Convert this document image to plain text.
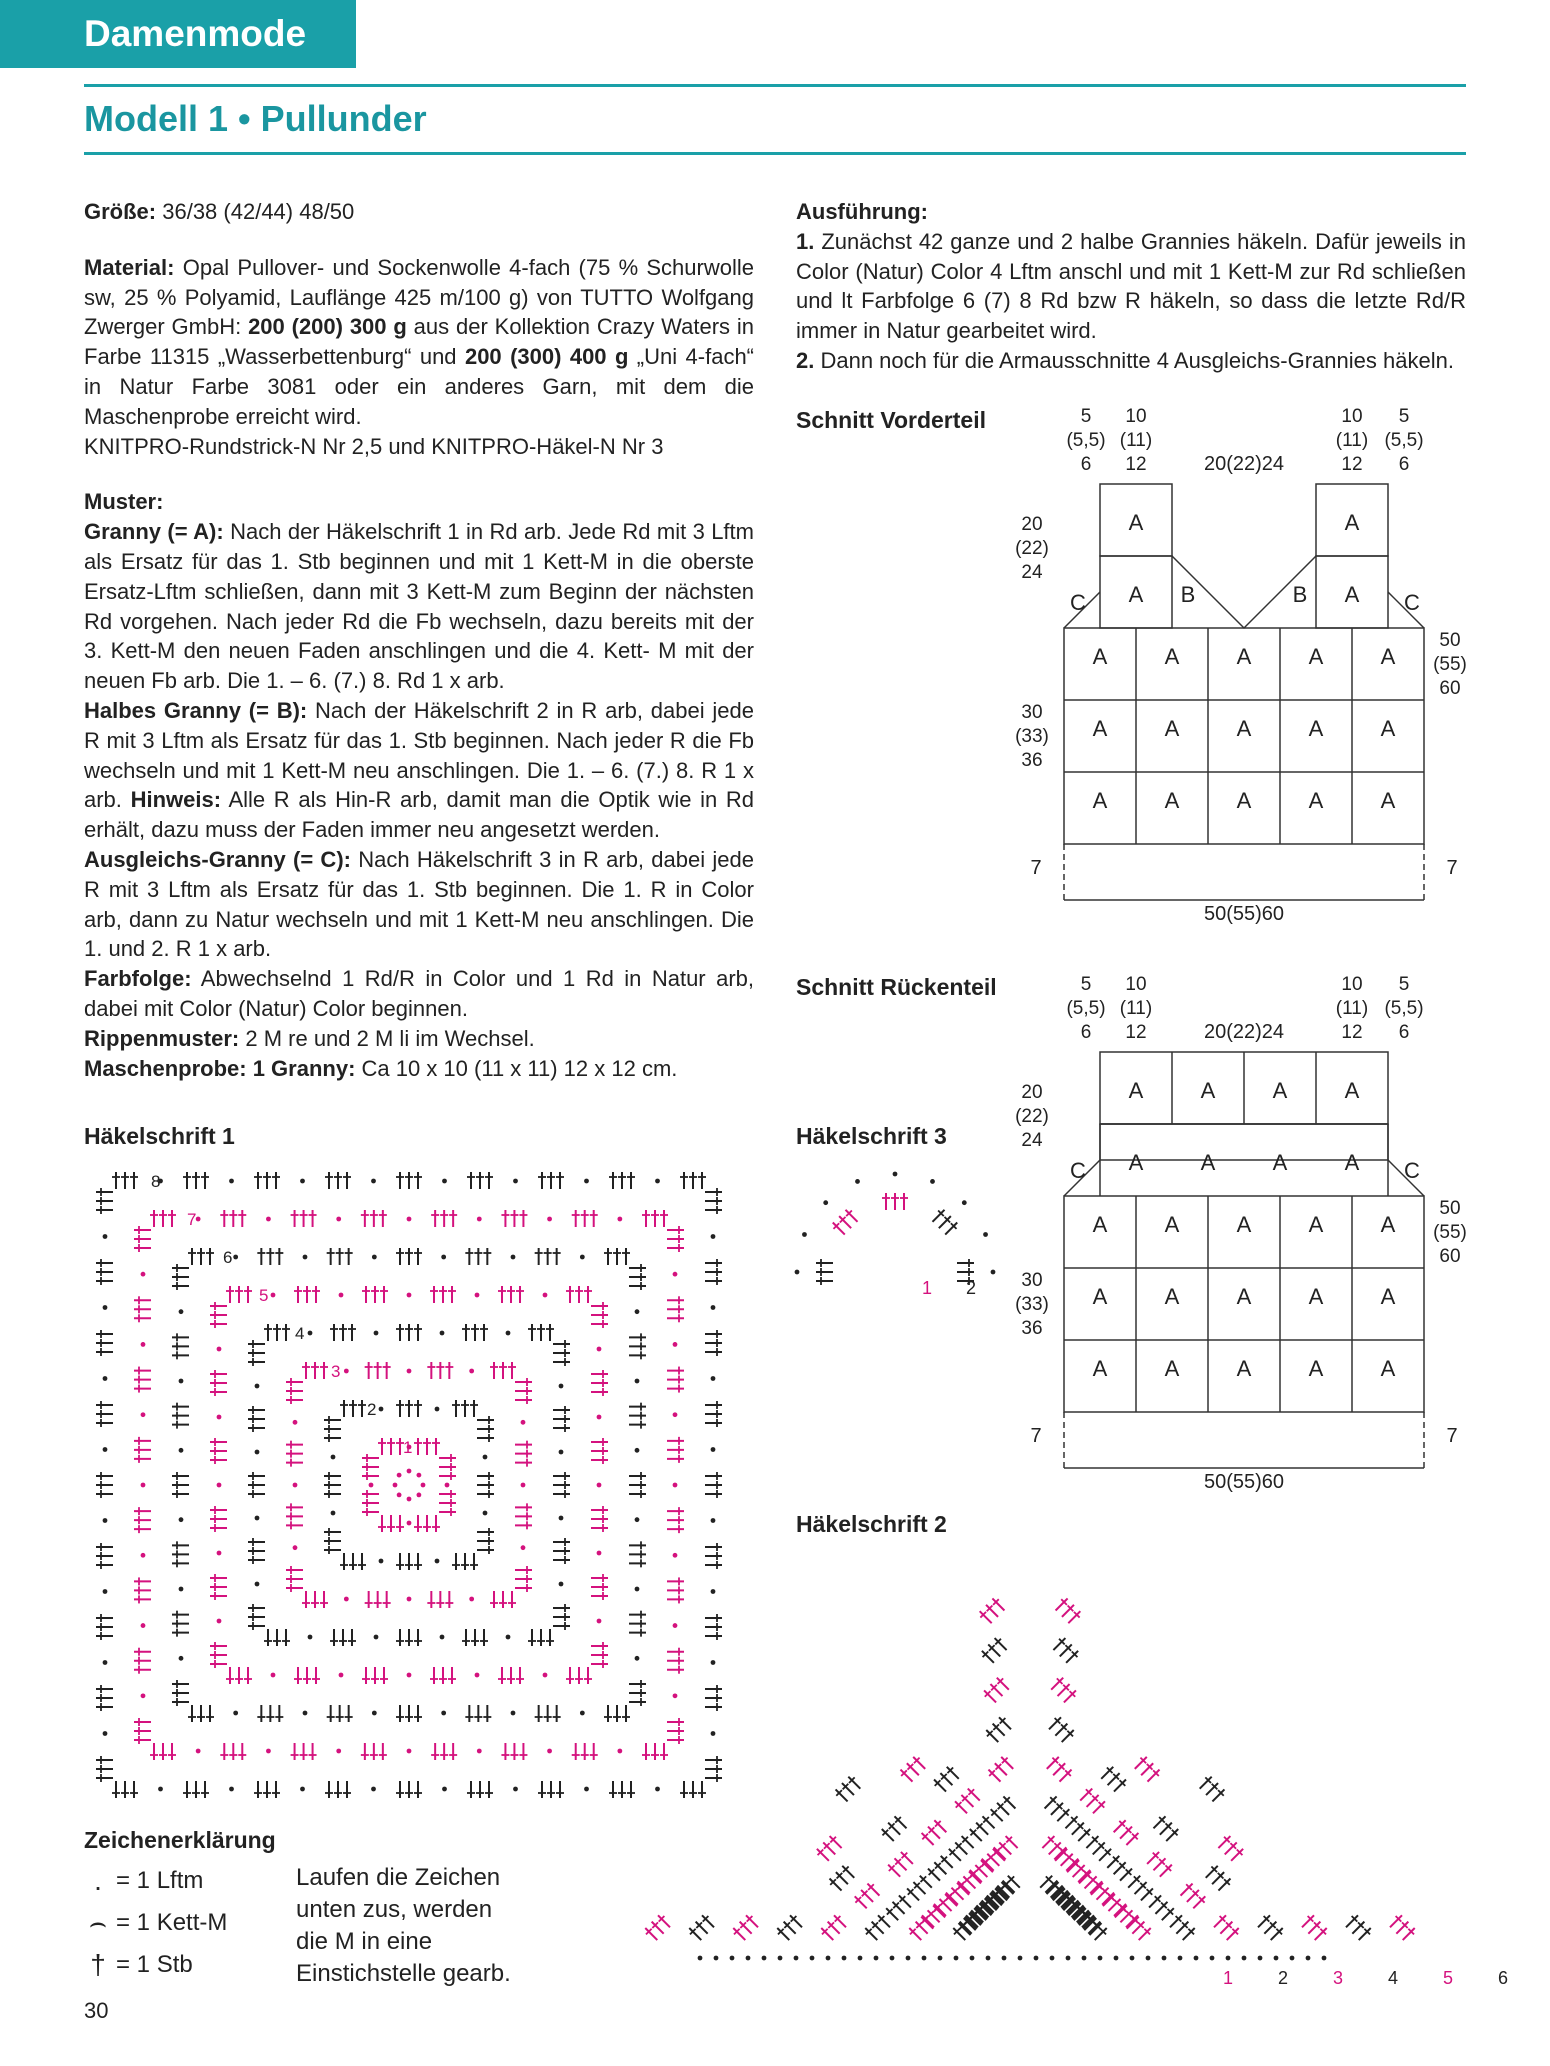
Damenmode
Modell 1 • Pullunder

Größe: 36/38 (42/44) 48/50

Material: Opal Pullover- und Sockenwolle 4-fach (75 % Schurwolle sw, 25 % Polyamid, Lauflänge 425 m/100 g) von TUTTO Wolfgang Zwerger GmbH: 200 (200) 300 g aus der Kollektion Crazy Waters in Farbe 11315 „Wasserbettenburg“ und 200 (300) 400 g „Uni 4-fach“ in Natur Farbe 3081 oder ein anderes Garn, mit dem die Maschenprobe erreicht wird.

KNITPRO-Rundstrick-N Nr 2,5 und KNITPRO-Häkel-N Nr 3

Muster:

Granny (= A): Nach der Häkelschrift 1 in Rd arb. Jede Rd mit 3 Lftm als Ersatz für das 1. Stb beginnen und mit 1 Kett-M in die oberste Ersatz-Lftm schließen, dann mit 3 Kett-M zum Beginn der nächsten Rd vorgehen. Nach jeder Rd die Fb wechseln, dazu bereits mit der 3. Kett-M den neuen Faden anschlingen und die 4. Kett- M mit der neuen Fb arb. Die 1. – 6. (7.) 8. Rd 1 x arb.

Halbes Granny (= B): Nach der Häkelschrift 2 in R arb, dabei jede R mit 3 Lftm als Ersatz für das 1. Stb beginnen. Nach jeder R die Fb wechseln und mit 1 Kett-M neu anschlingen. Die 1. – 6. (7.) 8. R 1 x arb. Hinweis: Alle R als Hin-R arb, damit man die Optik wie in Rd erhält, dazu muss der Faden immer neu angesetzt werden.

Ausgleichs-Granny (= C): Nach Häkelschrift 3 in R arb, dabei jede R mit 3 Lftm als Ersatz für das 1. Stb beginnen. Die 1. R in Color arb, dann zu Natur wechseln und mit 1 Kett-M neu anschlingen. Die 1. und 2. R 1 x arb.

Farbfolge: Abwechselnd 1 Rd/R in Color und 1 Rd in Natur arb, dabei mit Color (Natur) Color beginnen.

Rippenmuster: 2 M re und 2 M li im Wechsel.

Maschenprobe: 1 Granny: Ca 10 x 10 (11 x 11) 12 x 12 cm.

Ausführung:

1. Zunächst 42 ganze und 2 halbe Grannies häkeln. Dafür jeweils in Color (Natur) Color 4 Lftm anschl und mit 1 Kett-M zur Rd schließen und lt Farbfolge 6 (7) 8 Rd bzw R häkeln, so dass die letzte Rd/R immer in Natur gearbeitet wird.

2. Dann noch für die Armausschnitte 4 Ausgleichs-Grannies häkeln.

Schnitt Vorderteil
Schnitt Rückenteil
Häkelschrift 3
Häkelschrift 2
Häkelschrift 1
A	A
A	A
B	B
C	C
A	A	A	A	A
A	A	A	A	A
A	A	A	A	A
50(55)60
7	7
20(22)24
5
(5,5)
6
10
(11)
12
10
(11)
12
5
(5,5)
6
20
(22)
24
30
(33)
36
50
(55)
60
A	A	A	A
A	A	A	A
C	C
A	A	A	A	A
A	A	A	A	A
A	A	A	A	A
50(55)60
7	7
20(22)24
5
(5,5)
6
10
(11)
12
10
(11)
12
5
(5,5)
6
20
(22)
24
30
(33)
36
50
(55)
60
1
2
3
4
5
6
7
8
1 2
1 2 3 4 5 6
Zeichenerklärung
. = 1 Lftm
⌢ = 1 Kett-M
† = 1 Stb
Laufen die Zeichen unten zus, werden die M in eine Einstichstelle gearb.
30
